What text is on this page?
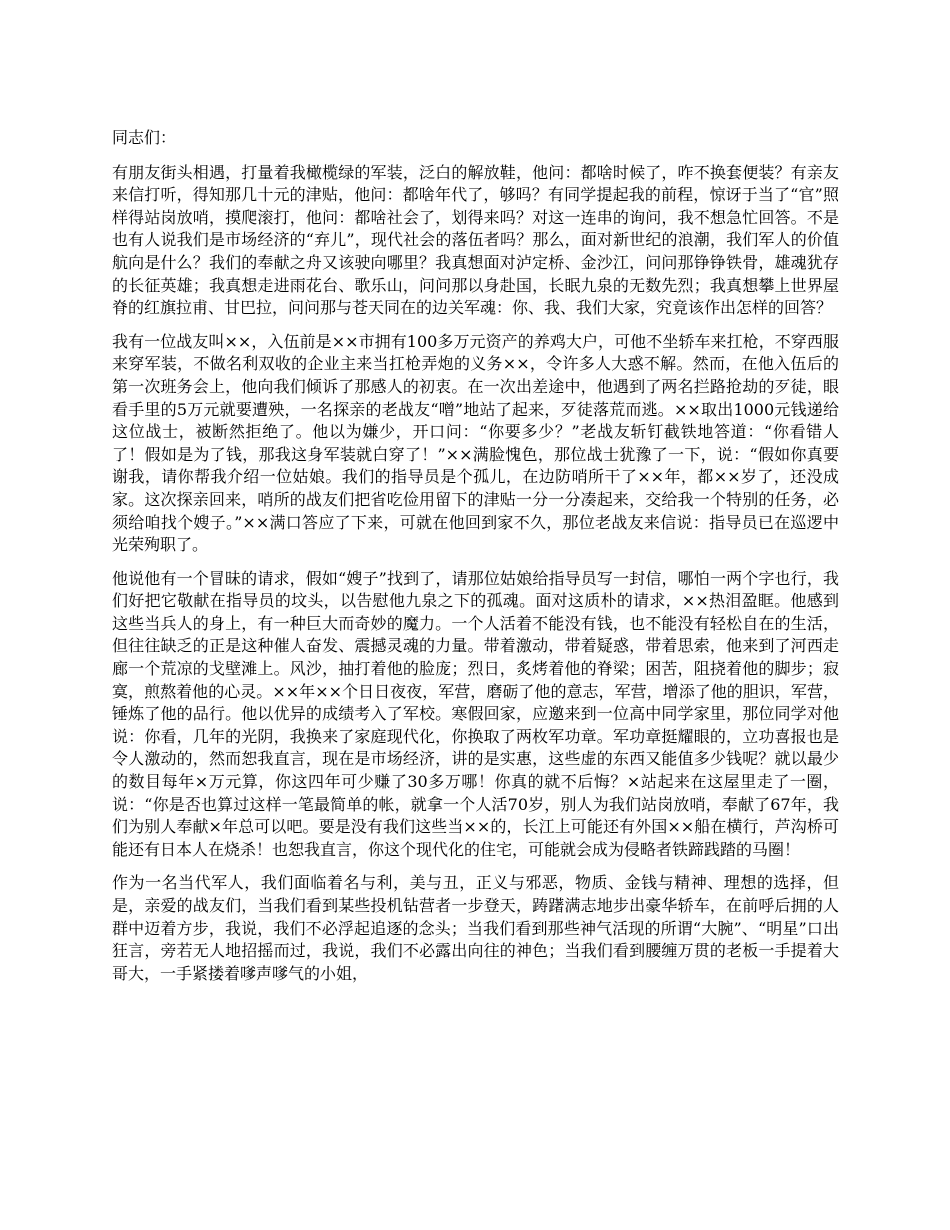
同志们：

有朋友街头相遇，打量着我橄榄绿的军装，泛白的解放鞋，他问：都啥时候了，咋不换套便装？有亲友来信打听，得知那几十元的津贴，他问：都啥年代了，够吗？有同学提起我的前程，惊讶于当了“官”照样得站岗放哨，摸爬滚打，他问：都啥社会了，划得来吗？对这一连串的询问，我不想急忙回答。不是也有人说我们是市场经济的“弃儿”，现代社会的落伍者吗？那么，面对新世纪的浪潮，我们军人的价值航向是什么？我们的奉献之舟又该驶向哪里？我真想面对泸定桥、金沙江，问问那铮铮铁骨，雄魂犹存的长征英雄；我真想走进雨花台、歌乐山，问问那以身赴国，长眠九泉的无数先烈；我真想攀上世界屋脊的红旗拉甫、甘巴拉，问问那与苍天同在的边关军魂：你、我、我们大家，究竟该作出怎样的回答？

我有一位战友叫××，入伍前是××市拥有100多万元资产的养鸡大户，可他不坐轿车来扛枪，不穿西服来穿军装，不做名利双收的企业主来当扛枪弄炮的义务××，令许多人大惑不解。然而，在他入伍后的第一次班务会上，他向我们倾诉了那感人的初衷。在一次出差途中，他遇到了两名拦路抢劫的歹徒，眼看手里的5万元就要遭殃，一名探亲的老战友“噌”地站了起来，歹徒落荒而逃。××取出1000元钱递给这位战士，被断然拒绝了。他以为嫌少，开口问：“你要多少？”老战友斩钉截铁地答道：“你看错人了！假如是为了钱，那我这身军装就白穿了！”××满脸愧色，那位战士犹豫了一下，说：“假如你真要谢我，请你帮我介绍一位姑娘。我们的指导员是个孤儿，在边防哨所干了××年，都××岁了，还没成家。这次探亲回来，哨所的战友们把省吃俭用留下的津贴一分一分凑起来，交给我一个特别的任务，必须给咱找个嫂子。”××满口答应了下来，可就在他回到家不久，那位老战友来信说：指导员已在巡逻中光荣殉职了。

他说他有一个冒昧的请求，假如“嫂子”找到了，请那位姑娘给指导员写一封信，哪怕一两个字也行，我们好把它敬献在指导员的坟头，以告慰他九泉之下的孤魂。面对这质朴的请求，××热泪盈眶。他感到这些当兵人的身上，有一种巨大而奇妙的魔力。一个人活着不能没有钱，也不能没有轻松自在的生活，但往往缺乏的正是这种催人奋发、震撼灵魂的力量。带着激动，带着疑惑，带着思索，他来到了河西走廊一个荒凉的戈壁滩上。风沙，抽打着他的脸庞；烈日，炙烤着他的脊梁；困苦，阻挠着他的脚步；寂寞，煎熬着他的心灵。××年××个日日夜夜，军营，磨砺了他的意志，军营，增添了他的胆识，军营，锤炼了他的品行。他以优异的成绩考入了军校。寒假回家，应邀来到一位高中同学家里，那位同学对他说：你看，几年的光阴，我换来了家庭现代化，你换取了两枚军功章。军功章挺耀眼的，立功喜报也是令人激动的，然而恕我直言，现在是市场经济，讲的是实惠，这些虚的东西又能值多少钱呢？就以最少的数目每年×万元算，你这四年可少赚了30多万哪！你真的就不后悔？×站起来在这屋里走了一圈，说：“你是否也算过这样一笔最简单的帐，就拿一个人活70岁，别人为我们站岗放哨，奉献了67年，我们为别人奉献×年总可以吧。要是没有我们这些当××的，长江上可能还有外国××船在横行，芦沟桥可能还有日本人在烧杀！也恕我直言，你这个现代化的住宅，可能就会成为侵略者铁蹄践踏的马圈！

作为一名当代军人，我们面临着名与利，美与丑，正义与邪恶，物质、金钱与精神、理想的选择，但是，亲爱的战友们，当我们看到某些投机钻营者一步登天，踌躇满志地步出豪华轿车，在前呼后拥的人群中迈着方步，我说，我们不必浮起追逐的念头；当我们看到那些神气活现的所谓“大腕”、“明星”口出狂言，旁若无人地招摇而过，我说，我们不必露出向往的神色；当我们看到腰缠万贯的老板一手提着大哥大，一手紧搂着嗲声嗲气的小姐，
